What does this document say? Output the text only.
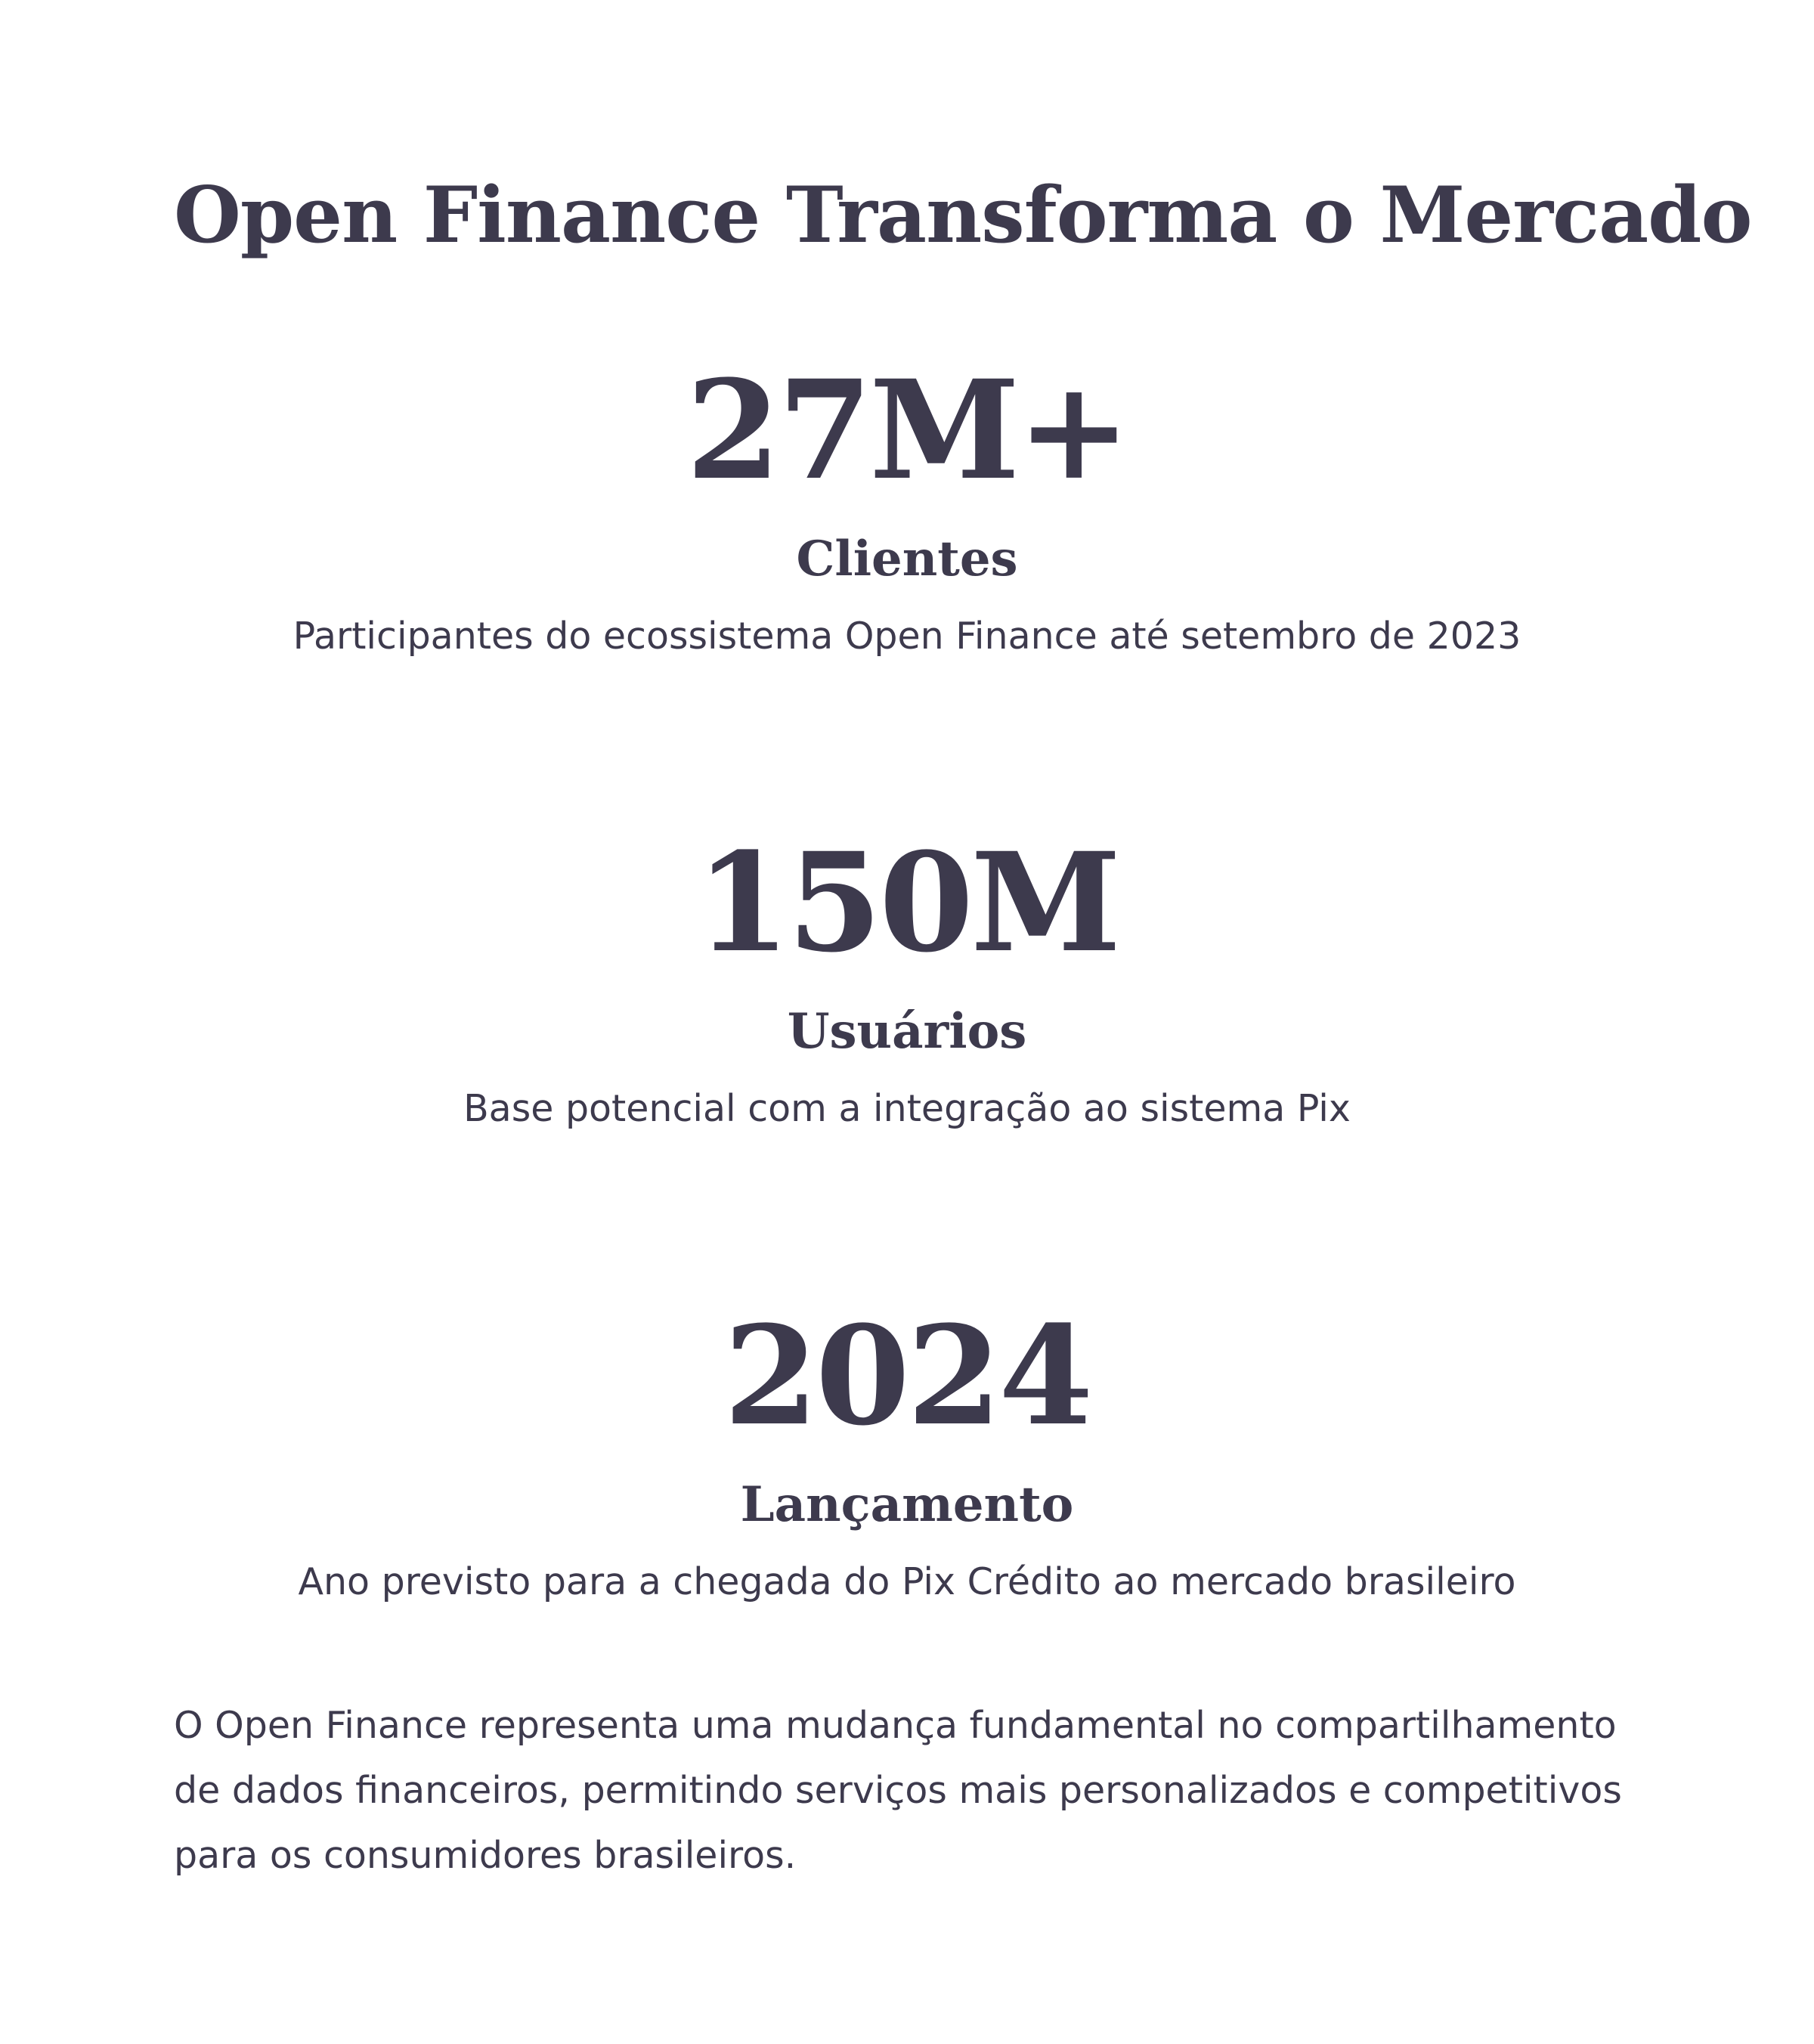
Open Finance Transforma o Mercado
27M+
Clientes
Participantes do ecossistema Open Finance até setembro de 2023
150M
Usuários
Base potencial com a integração ao sistema Pix
2024
Lançamento
Ano previsto para a chegada do Pix Crédito ao mercado brasileiro

O Open Finance representa uma mudança fundamental no compartilhamento de dados financeiros, permitindo serviços mais personalizados e competitivos para os consumidores brasileiros.
